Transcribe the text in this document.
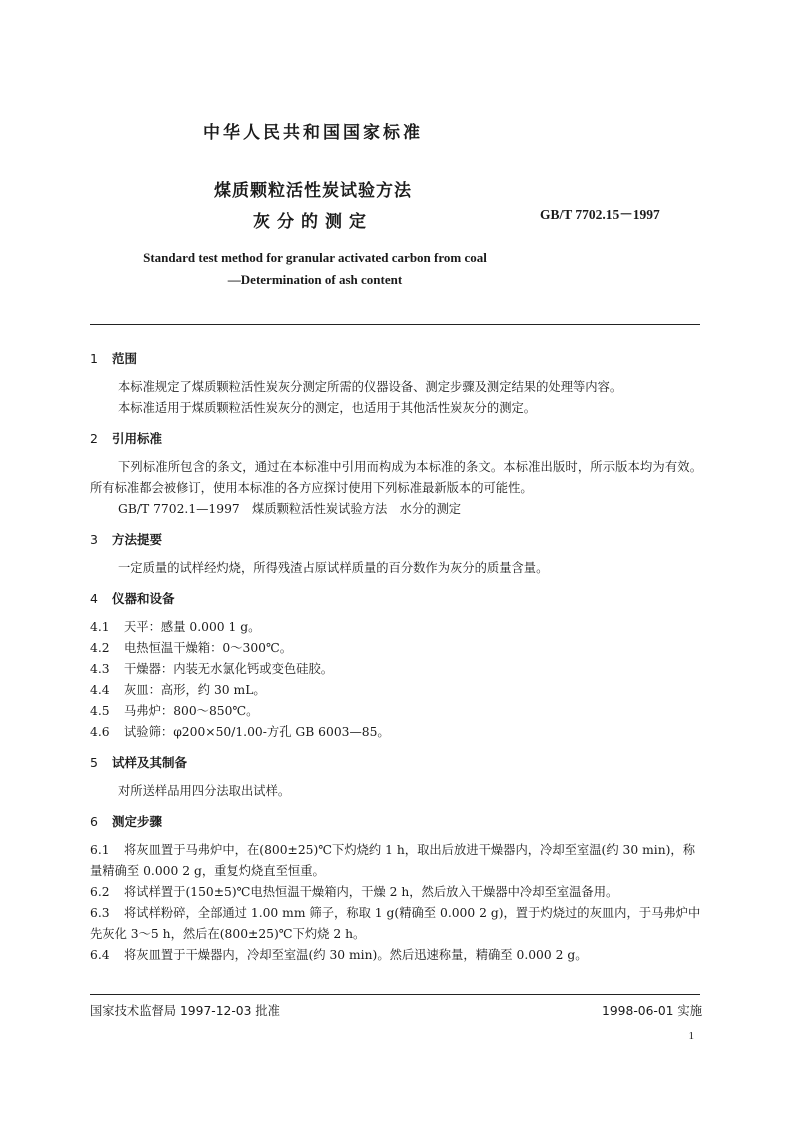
中华人民共和国国家标准
煤质颗粒活性炭试验方法
灰分的测定	GB/T 7702.15－1997
Standard test method for granular activated carbon from coal
—Determination of ash content
1 范围

本标准规定了煤质颗粒活性炭灰分测定所需的仪器设备、测定步骤及测定结果的处理等内容。

本标准适用于煤质颗粒活性炭灰分的测定，也适用于其他活性炭灰分的测定。

2 引用标准

下列标准所包含的条文，通过在本标准中引用而构成为本标准的条文。本标准出版时，所示版本均为有效。所有标准都会被修订，使用本标准的各方应探讨使用下列标准最新版本的可能性。

GB/T 7702.1—1997　煤质颗粒活性炭试验方法　水分的测定

3 方法提要

一定质量的试样经灼烧，所得残渣占原试样质量的百分数作为灰分的质量含量。

4 仪器和设备

4.1 天平：感量 0.000 1 g。

4.2 电热恒温干燥箱：0～300℃。

4.3 干燥器：内装无水氯化钙或变色硅胶。

4.4 灰皿：高形，约 30 mL。

4.5 马弗炉：800～850℃。

4.6 试验筛：φ200×50/1.00-方孔 GB 6003—85。

5 试样及其制备

对所送样品用四分法取出试样。

6 测定步骤

6.1 将灰皿置于马弗炉中，在(800±25)℃下灼烧约 1 h，取出后放进干燥器内，冷却至室温(约 30 min)，称量精确至 0.000 2 g，重复灼烧直至恒重。

6.2 将试样置于(150±5)℃电热恒温干燥箱内，干燥 2 h，然后放入干燥器中冷却至室温备用。

6.3 将试样粉碎，全部通过 1.00 mm 筛子，称取 1 g(精确至 0.000 2 g)，置于灼烧过的灰皿内，于马弗炉中先灰化 3～5 h，然后在(800±25)℃下灼烧 2 h。

6.4 将灰皿置于干燥器内，冷却至室温(约 30 min)。然后迅速称量，精确至 0.000 2 g。

国家技术监督局 1997-12-03 批准	1998-06-01 实施
1
